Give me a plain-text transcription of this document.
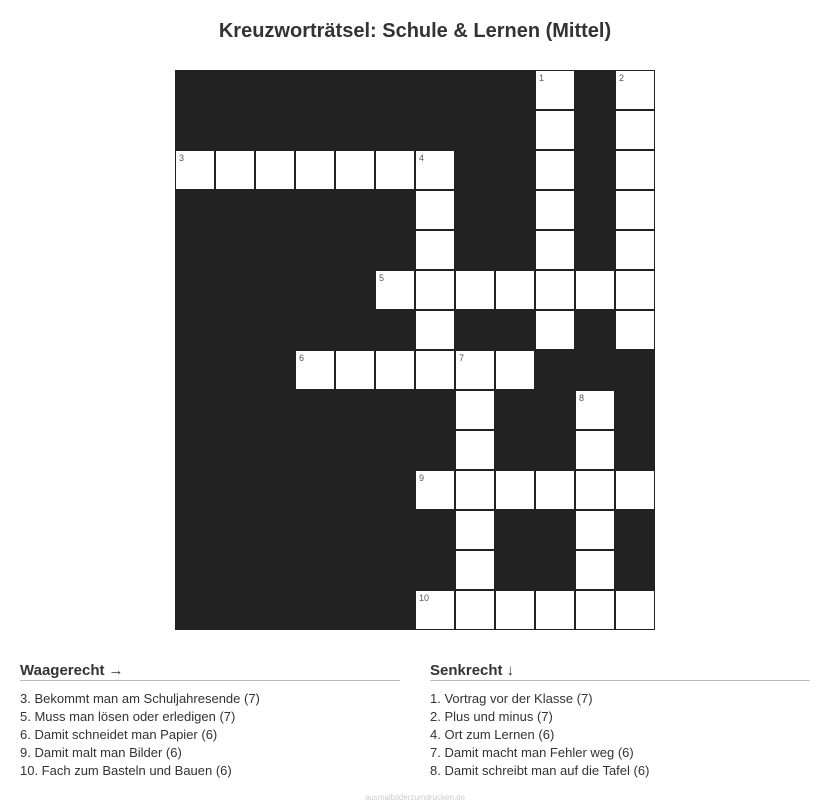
Kreuzworträtsel: Schule & Lernen (Mittel)
1	2
3	4
5
6	7
8
9
10
Waagerecht →
3. Bekommt man am Schuljahresende (7)
5. Muss man lösen oder erledigen (7)
6. Damit schneidet man Papier (6)
9. Damit malt man Bilder (6)
10. Fach zum Basteln und Bauen (6)
Senkrecht ↓
1. Vortrag vor der Klasse (7)
2. Plus und minus (7)
4. Ort zum Lernen (6)
7. Damit macht man Fehler weg (6)
8. Damit schreibt man auf die Tafel (6)
ausmalbilderzumdrucken.de
